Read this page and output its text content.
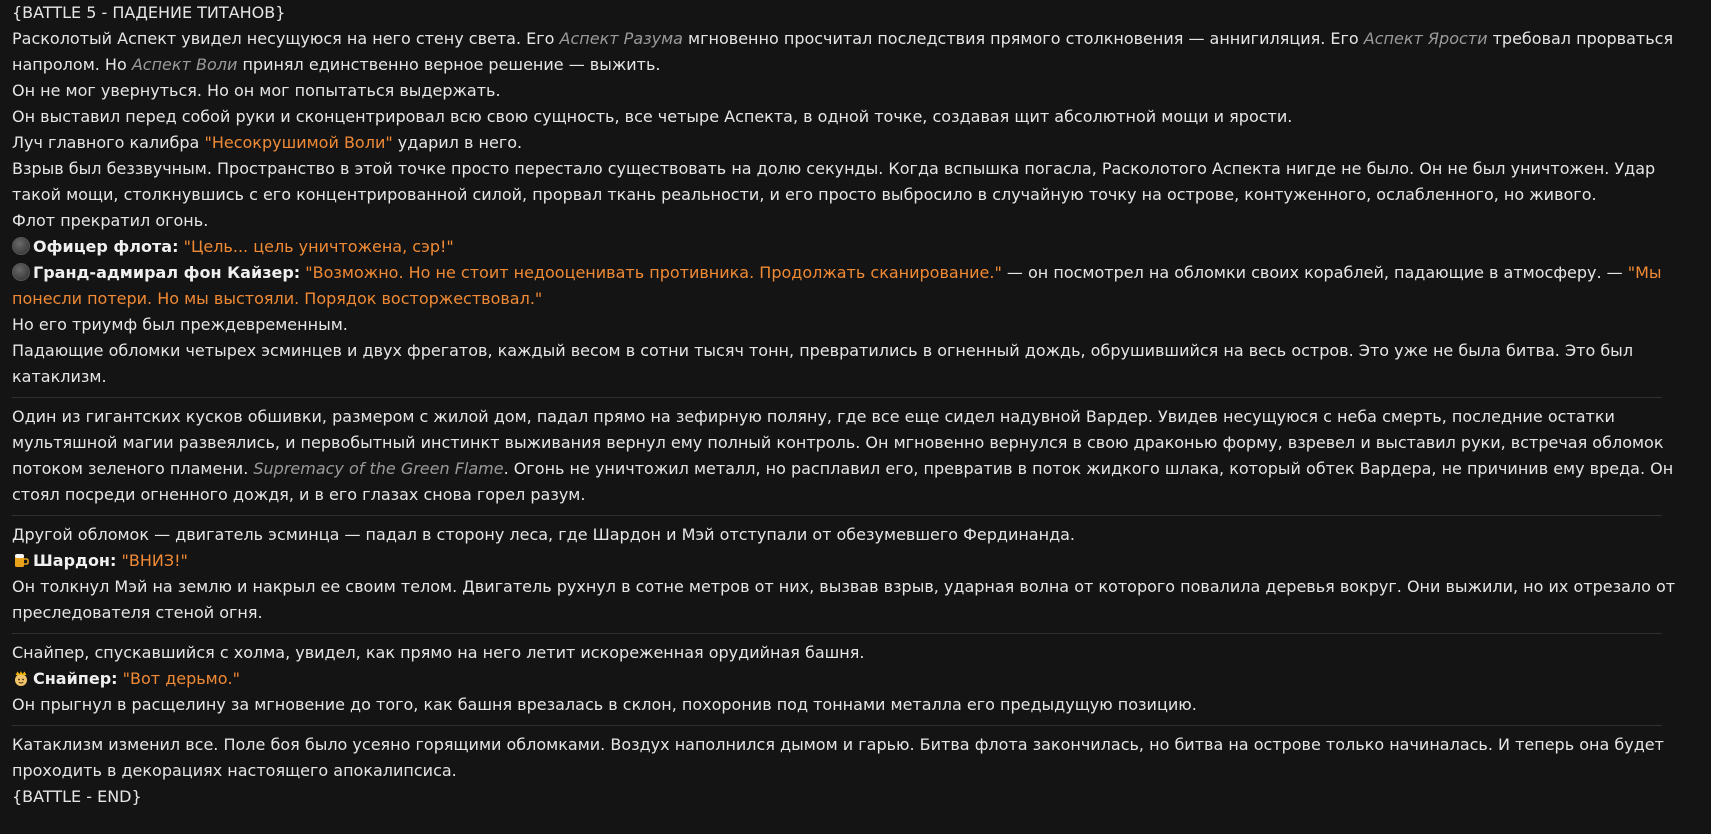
{BATTLE 5 - ПАДЕНИЕ ТИТАНОВ}
Расколотый Аспект увидел несущуюся на него стену света. Его Аспект Разума мгновенно просчитал последствия прямого столкновения — аннигиляция. Его Аспект Ярости требовал прорваться напролом. Но Аспект Воли принял единственно верное решение — выжить.
Он не мог увернуться. Но он мог попытаться выдержать.
Он выставил перед собой руки и сконцентрировал всю свою сущность, все четыре Аспекта, в одной точке, создавая щит абсолютной мощи и ярости.
Луч главного калибра "Несокрушимой Воли" ударил в него.
Взрыв был беззвучным. Пространство в этой точке просто перестало существовать на долю секунды. Когда вспышка погасла, Расколотого Аспекта нигде не было. Он не был уничтожен. Удар такой мощи, столкнувшись с его концентрированной силой, прорвал ткань реальности, и его просто выбросило в случайную точку на острове, контуженного, ослабленного, но живого.
Флот прекратил огонь.
Офицер флота: "Цель... цель уничтожена, сэр!"
Гранд-адмирал фон Кайзер: "Возможно. Но не стоит недооценивать противника. Продолжать сканирование." — он посмотрел на обломки своих кораблей, падающие в атмосферу. — "Мы понесли потери. Но мы выстояли. Порядок восторжествовал."
Но его триумф был преждевременным.
Падающие обломки четырех эсминцев и двух фрегатов, каждый весом в сотни тысяч тонн, превратились в огненный дождь, обрушившийся на весь остров. Это уже не была битва. Это был катаклизм.
Один из гигантских кусков обшивки, размером с жилой дом, падал прямо на зефирную поляну, где все еще сидел надувной Вардер. Увидев несущуюся с неба смерть, последние остатки мультяшной магии развеялись, и первобытный инстинкт выживания вернул ему полный контроль. Он мгновенно вернулся в свою драконью форму, взревел и выставил руки, встречая обломок потоком зеленого пламени. Supremacy of the Green Flame. Огонь не уничтожил металл, но расплавил его, превратив в поток жидкого шлака, который обтек Вардера, не причинив ему вреда. Он стоял посреди огненного дождя, и в его глазах снова горел разум.
Другой обломок — двигатель эсминца — падал в сторону леса, где Шардон и Мэй отступали от обезумевшего Фердинанда.
Шардон: "ВНИЗ!"
Он толкнул Мэй на землю и накрыл ее своим телом. Двигатель рухнул в сотне метров от них, вызвав взрыв, ударная волна от которого повалила деревья вокруг. Они выжили, но их отрезало от преследователя стеной огня.
Снайпер, спускавшийся с холма, увидел, как прямо на него летит искореженная орудийная башня.
Снайпер: "Вот дерьмо."
Он прыгнул в расщелину за мгновение до того, как башня врезалась в склон, похоронив под тоннами металла его предыдущую позицию.
Катаклизм изменил все. Поле боя было усеяно горящими обломками. Воздух наполнился дымом и гарью. Битва флота закончилась, но битва на острове только начиналась. И теперь она будет проходить в декорациях настоящего апокалипсиса.
{BATTLE - END}
